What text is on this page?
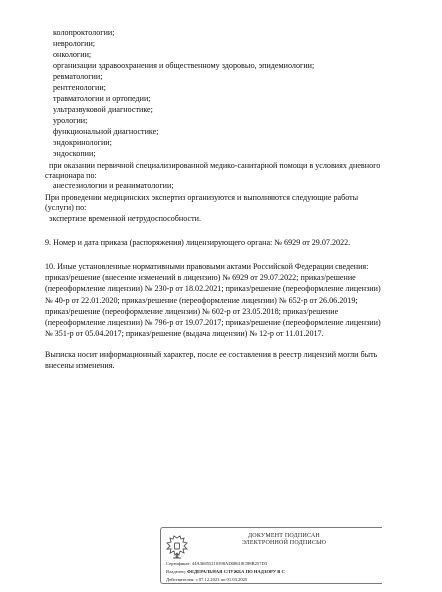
колопроктологии;
неврологии;
онкологии;
организации здравоохранения и общественному здоровью, эпидемиологии;
ревматологии;
рентгенологии;
травматологии и ортопедии;
ультразвуковой диагностике;
урологии;
функциональной диагностике;
эндокринологии;
эндоскопии;
при оказании первичной специализированной медико-санитарной помощи в условиях дневного
стационара по:
анестезиологии и реаниматологии;
При проведении медицинских экспертиз организуются и выполняются следующие работы
(услуги) по:
экспертизе временной нетрудоспособности.
9. Номер и дата приказа (распоряжения) лицензирующего органа: № 6929 от 29.07.2022.
10. Иные установленные нормативными правовыми актами Российской Федерации сведения:
приказ/решение (внесение изменений в лицензию) № 6929 от 29.07.2022; приказ/решение
(переоформление лицензии) № 230-р от 18.02.2021; приказ/решение (переоформление лицензии)
№ 40-р от 22.01.2020; приказ/решение (переоформление лицензии) № 652-р от 26.06.2019;
приказ/решение (переоформление лицензии) № 602-р от 23.05.2018; приказ/решение
(переоформление лицензии) № 796-р от 19.07.2017; приказ/решение (переоформление лицензии)
№ 351-р от 05.04.2017; приказ/решение (выдача лицензии) № 12-р от 11.01.2017.
Выписка носит информационный характер, после ее составления в реестр лицензий могли быть
внесены изменения.
ДОКУМЕНТ ПОДПИСАН
ЭЛЕКТРОННОЙ ПОДПИСЬЮ
Сертификат: 44A36855210398AD08618CB8B257D3
Владелец: ФЕДЕРАЛЬНАЯ СЛУЖБА ПО НАДЗОРУ В С
Действителен: с 07.12.2023 по 01.03.2025
